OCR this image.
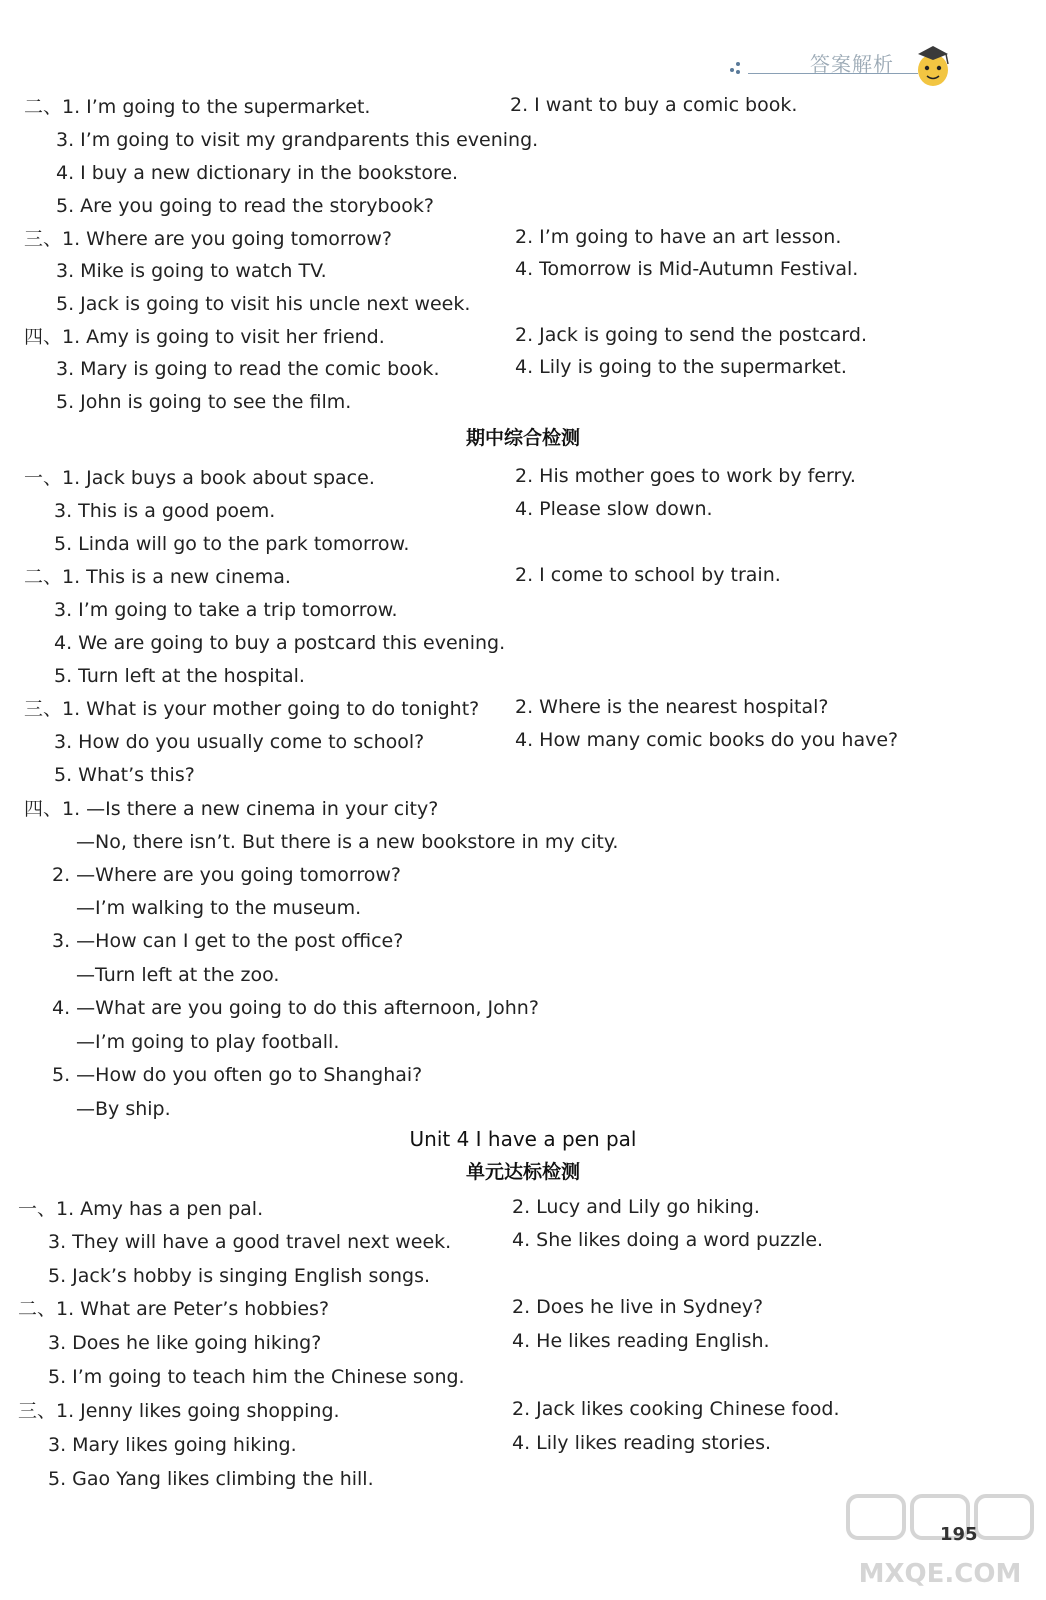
答案解析
二、1. I’m going to the supermarket.	2. I want to buy a comic book.
3. I’m going to visit my grandparents this evening.
4. I buy a new dictionary in the bookstore.
5. Are you going to read the storybook?
三、1. Where are you going tomorrow?	2. I’m going to have an art lesson.
3. Mike is going to watch TV.	4. Tomorrow is Mid-Autumn Festival.
5. Jack is going to visit his uncle next week.
四、1. Amy is going to visit her friend.	2. Jack is going to send the postcard.
3. Mary is going to read the comic book.	4. Lily is going to the supermarket.
5. John is going to see the film.
期中综合检测
一、1. Jack buys a book about space.	2. His mother goes to work by ferry.
3. This is a good poem.	4. Please slow down.
5. Linda will go to the park tomorrow.
二、1. This is a new cinema.	2. I come to school by train.
3. I’m going to take a trip tomorrow.
4. We are going to buy a postcard this evening.
5. Turn left at the hospital.
三、1. What is your mother going to do tonight? 2. Where is the nearest hospital?
3. How do you usually come to school?	4. How many comic books do you have?
5. What’s this?
四、1. —Is there a new cinema in your city?
—No, there isn’t. But there is a new bookstore in my city.
2. —Where are you going tomorrow?
—I’m walking to the museum.
3. —How can I get to the post office?
—Turn left at the zoo.
4. —What are you going to do this afternoon, John?
—I’m going to play football.
5. —How do you often go to Shanghai?
—By ship.
Unit 4 I have a pen pal
单元达标检测
一、1. Amy has a pen pal.	2. Lucy and Lily go hiking.
3. They will have a good travel next week.	4. She likes doing a word puzzle.
5. Jack’s hobby is singing English songs.
二、1. What are Peter’s hobbies?	2. Does he live in Sydney?
3. Does he like going hiking?	4. He likes reading English.
5. I’m going to teach him the Chinese song.
三、1. Jenny likes going shopping.	2. Jack likes cooking Chinese food.
3. Mary likes going hiking.	4. Lily likes reading stories.
5. Gao Yang likes climbing the hill.
MXQE.COM
195
